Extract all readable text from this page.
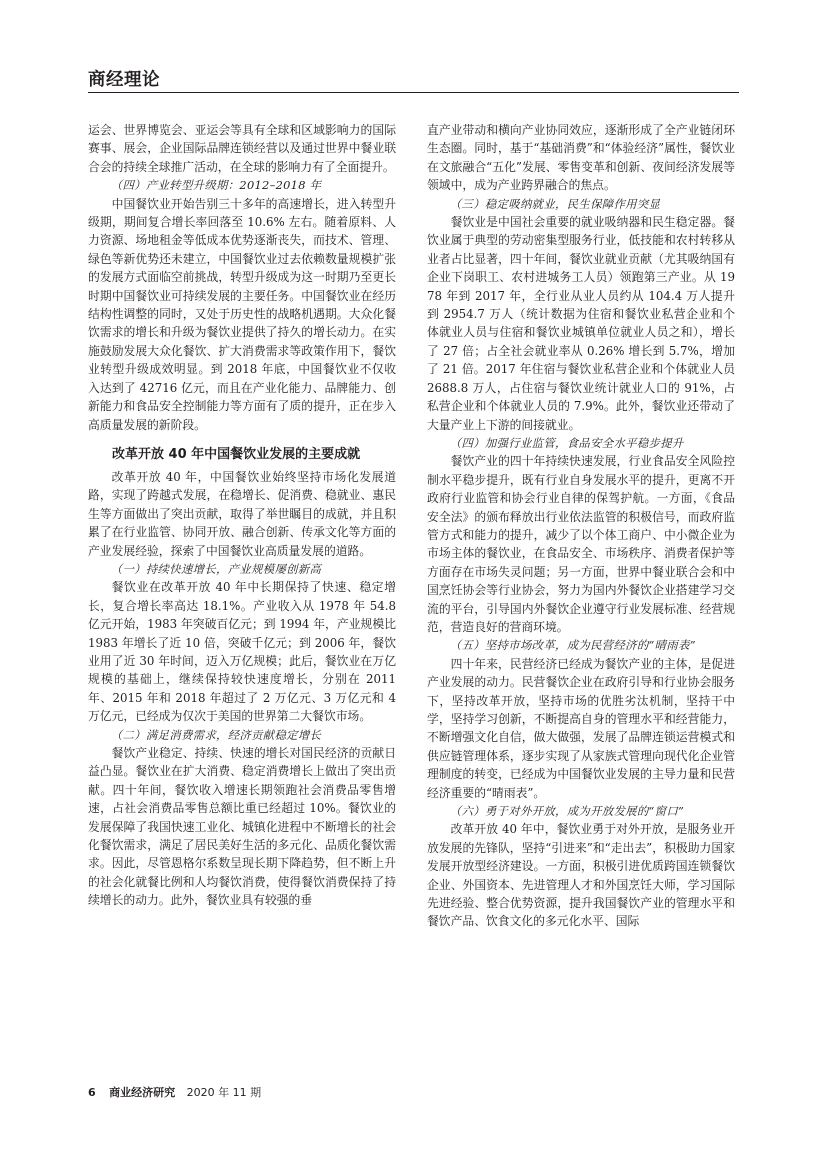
商经理论

运会、世界博览会、亚运会等具有全球和区域影响力的国际赛事、展会，企业国际品牌连锁经营以及通过世界中餐业联合会的持续全球推广活动，在全球的影响力有了全面提升。

（四）产业转型升级期：2012–2018 年

中国餐饮业开始告别三十多年的高速增长，进入转型升级期，期间复合增长率回落至 10.6% 左右。随着原料、人力资源、场地租金等低成本优势逐渐丧失，而技术、管理、绿色等新优势还未建立，中国餐饮业过去依赖数量规模扩张的发展方式面临空前挑战，转型升级成为这一时期乃至更长时期中国餐饮业可持续发展的主要任务。中国餐饮业在经历结构性调整的同时，又处于历史性的战略机遇期。大众化餐饮需求的增长和升级为餐饮业提供了持久的增长动力。在实施鼓励发展大众化餐饮、扩大消费需求等政策作用下，餐饮业转型升级成效明显。到 2018 年底，中国餐饮业不仅收入达到了 42716 亿元，而且在产业化能力、品牌能力、创新能力和食品安全控制能力等方面有了质的提升，正在步入高质量发展的新阶段。

改革开放 40 年中国餐饮业发展的主要成就

改革开放 40 年，中国餐饮业始终坚持市场化发展道路，实现了跨越式发展，在稳增长、促消费、稳就业、惠民生等方面做出了突出贡献，取得了举世瞩目的成就，并且积累了在行业监管、协同开放、融合创新、传承文化等方面的产业发展经验，探索了中国餐饮业高质量发展的道路。

（一）持续快速增长，产业规模屡创新高

餐饮业在改革开放 40 年中长期保持了快速、稳定增长，复合增长率高达 18.1%。产业收入从 1978 年 54.8 亿元开始，1983 年突破百亿元；到 1994 年，产业规模比 1983 年增长了近 10 倍，突破千亿元；到 2006 年，餐饮业用了近 30 年时间，迈入万亿规模；此后，餐饮业在万亿规模的基础上，继续保持较快速度增长，分别在 2011 年、2015 年和 2018 年超过了 2 万亿元、3 万亿元和 4 万亿元，已经成为仅次于美国的世界第二大餐饮市场。

（二）满足消费需求，经济贡献稳定增长

餐饮产业稳定、持续、快速的增长对国民经济的贡献日益凸显。餐饮业在扩大消费、稳定消费增长上做出了突出贡献。四十年间，餐饮收入增速长期领跑社会消费品零售增速，占社会消费品零售总额比重已经超过 10%。餐饮业的发展保障了我国快速工业化、城镇化进程中不断增长的社会化餐饮需求，满足了居民美好生活的多元化、品质化餐饮需求。因此，尽管恩格尔系数呈现长期下降趋势，但不断上升的社会化就餐比例和人均餐饮消费，使得餐饮消费保持了持续增长的动力。此外，餐饮业具有较强的垂

直产业带动和横向产业协同效应，逐渐形成了全产业链闭环生态圈。同时，基于“基础消费”和“体验经济”属性，餐饮业在文旅融合“五化”发展、零售变革和创新、夜间经济发展等领域中，成为产业跨界融合的焦点。

（三）稳定吸纳就业，民生保障作用突显

餐饮业是中国社会重要的就业吸纳器和民生稳定器。餐饮业属于典型的劳动密集型服务行业，低技能和农村转移从业者占比显著，四十年间，餐饮业就业贡献（尤其吸纳国有企业下岗职工、农村进城务工人员）领跑第三产业。从 1978 年到 2017 年，全行业从业人员约从 104.4 万人提升到 2954.7 万人（统计数据为住宿和餐饮业私营企业和个体就业人员与住宿和餐饮业城镇单位就业人员之和），增长了 27 倍；占全社会就业率从 0.26% 增长到 5.7%，增加了 21 倍。2017 年住宿与餐饮业私营企业和个体就业人员 2688.8 万人，占住宿与餐饮业统计就业人口的 91%，占私营企业和个体就业人员的 7.9%。此外，餐饮业还带动了大量产业上下游的间接就业。

（四）加强行业监管，食品安全水平稳步提升

餐饮产业的四十年持续快速发展，行业食品安全风险控制水平稳步提升，既有行业自身发展水平的提升，更离不开政府行业监管和协会行业自律的保驾护航。一方面，《食品安全法》的颁布释放出行业依法监管的积极信号，而政府监管方式和能力的提升，减少了以个体工商户、中小微企业为市场主体的餐饮业，在食品安全、市场秩序、消费者保护等方面存在市场失灵问题；另一方面，世界中餐业联合会和中国烹饪协会等行业协会，努力为国内外餐饮企业搭建学习交流的平台，引导国内外餐饮企业遵守行业发展标准、经营规范，营造良好的营商环境。

（五）坚持市场改革，成为民营经济的“晴雨表”

四十年来，民营经济已经成为餐饮产业的主体，是促进产业发展的动力。民营餐饮企业在政府引导和行业协会服务下，坚持改革开放，坚持市场的优胜劣汰机制，坚持干中学，坚持学习创新，不断提高自身的管理水平和经营能力，不断增强文化自信，做大做强，发展了品牌连锁运营模式和供应链管理体系，逐步实现了从家族式管理向现代化企业管理制度的转变，已经成为中国餐饮业发展的主导力量和民营经济重要的“晴雨表”。

（六）勇于对外开放，成为开放发展的“窗口”

改革开放 40 年中，餐饮业勇于对外开放，是服务业开放发展的先锋队，坚持“引进来”和“走出去”，积极助力国家发展开放型经济建设。一方面，积极引进优质跨国连锁餐饮企业、外国资本、先进管理人才和外国烹饪大师，学习国际先进经验、整合优势资源，提升我国餐饮产业的管理水平和餐饮产品、饮食文化的多元化水平、国际

6 商业经济研究 2020 年 11 期
